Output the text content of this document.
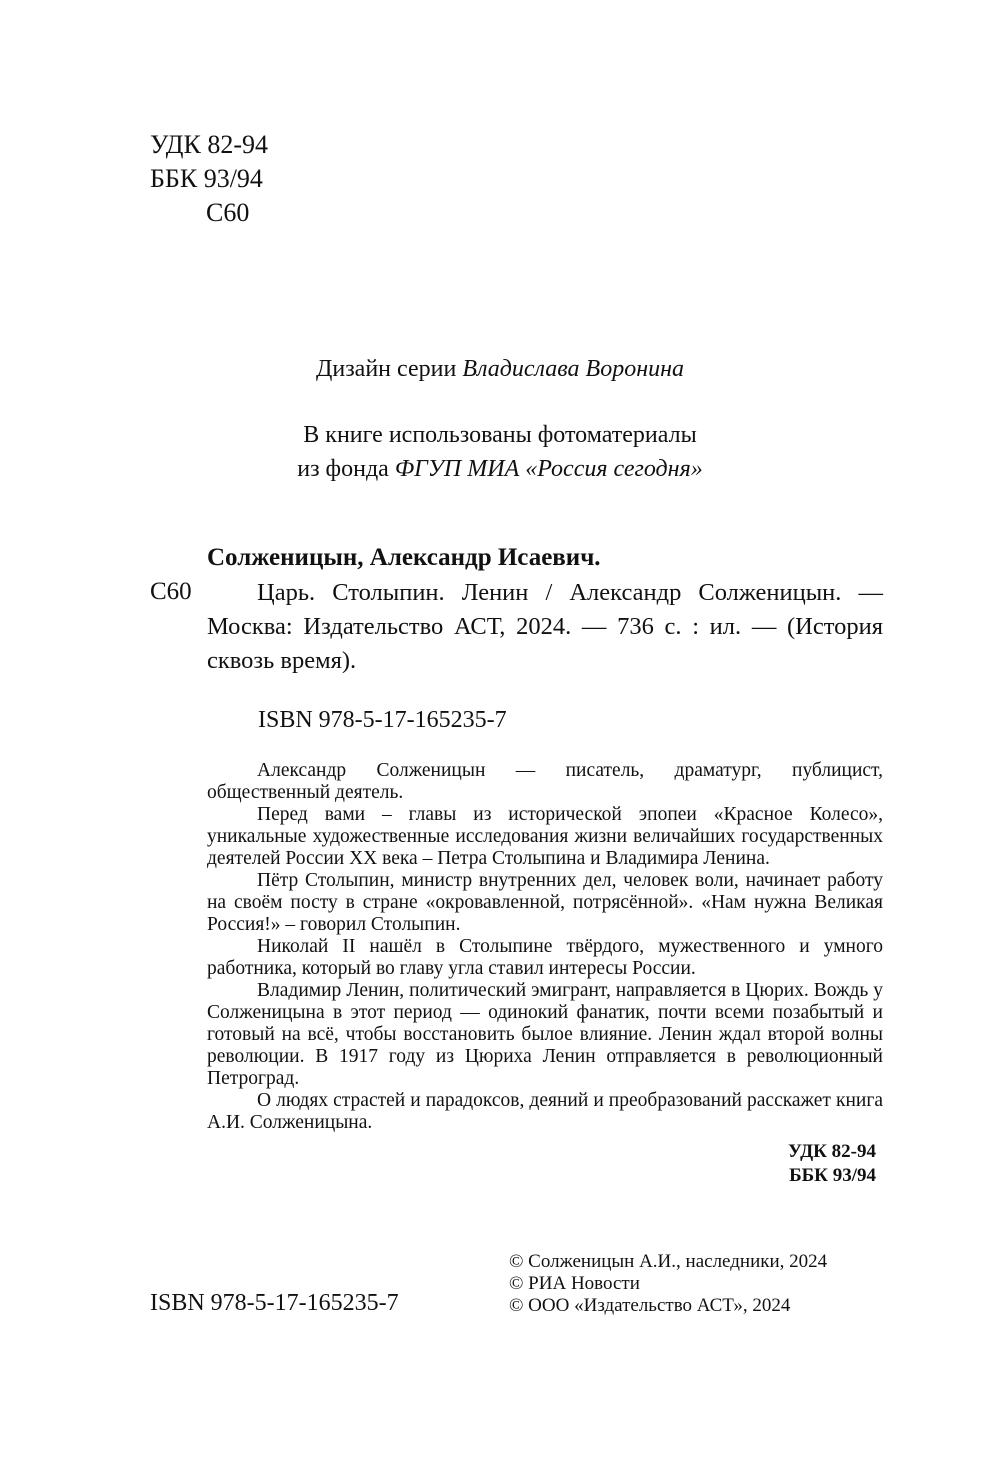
УДК 82-94
ББК 93/94
С60
Дизайн серии Владислава Воронина
В книге использованы фотоматериалы
из фонда ФГУП МИА «Россия сегодня»
Солженицын, Александр Исаевич.
С60	Царь. Столыпин. Ленин / Александр Солженицын. — Москва: Издательство АСТ, 2024. — 736 с. : ил. — (История сквозь время).
ISBN 978-5-17-165235-7

Александр Солженицын — писатель, драматург, публицист, общественный деятель.

Перед вами – главы из исторической эпопеи «Красное Колесо», уникальные художественные исследования жизни величайших государственных деятелей России ХХ века – Петра Столыпина и Владимира Ленина.

Пётр Столыпин, министр внутренних дел, человек воли, начинает работу на своём посту в стране «окровавленной, потрясённой». «Нам нужна Великая Россия!» – говорил Столыпин.

Николай II нашёл в Столыпине твёрдого, мужественного и умного работника, который во главу угла ставил интересы России.

Владимир Ленин, политический эмигрант, направляется в Цюрих. Вождь у Солженицына в этот период — одинокий фанатик, почти всеми позабытый и готовый на всё, чтобы восстановить былое влияние. Ленин ждал второй волны революции. В 1917 году из Цюриха Ленин отправляется в революционный Петроград.

О людях страстей и парадоксов, деяний и преобразований расскажет книга А.И. Солженицына.

УДК 82-94
ББК 93/94
© Солженицын А.И., наследники, 2024
© РИА Новости
© ООО «Издательство АСТ», 2024
ISBN 978-5-17-165235-7
